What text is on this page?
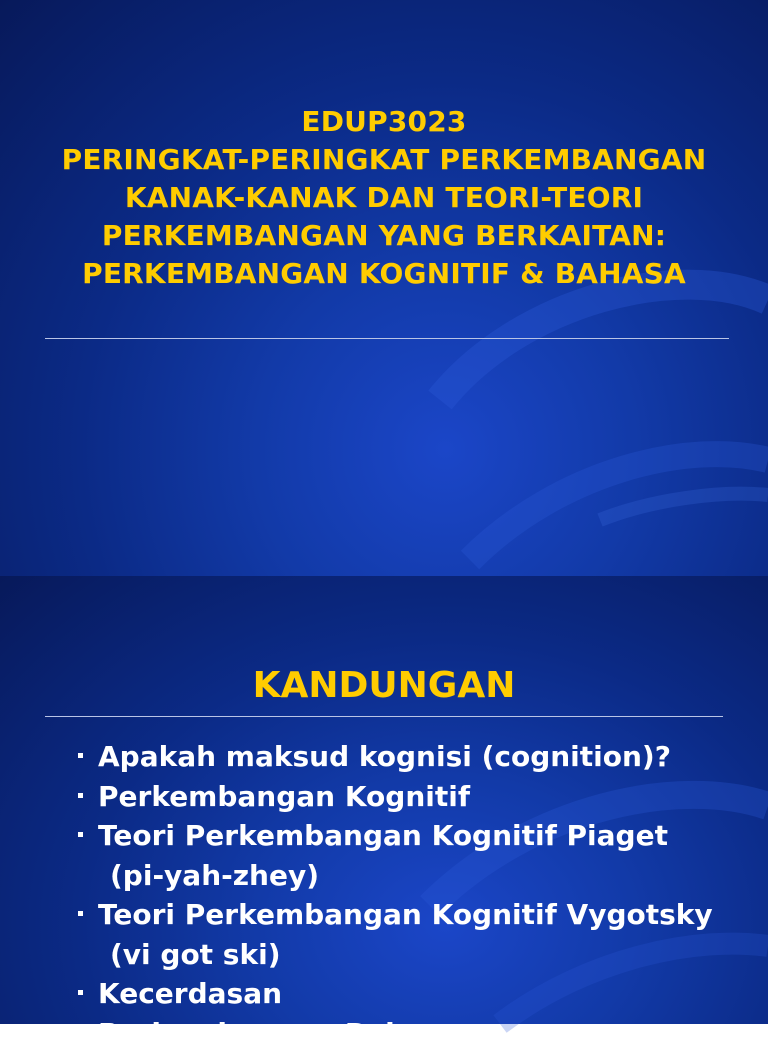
EDUP3023
PERINGKAT-PERINGKAT PERKEMBANGAN
KANAK-KANAK DAN TEORI-TEORI
PERKEMBANGAN YANG BERKAITAN:
PERKEMBANGAN KOGNITIF & BAHASA
KANDUNGAN
Apakah maksud kognisi (cognition)?
Perkembangan Kognitif
Teori Perkembangan Kognitif Piaget
(pi-yah-zhey)
Teori Perkembangan Kognitif Vygotsky
(vi got ski)
Kecerdasan
Perkembangan Bahasa
